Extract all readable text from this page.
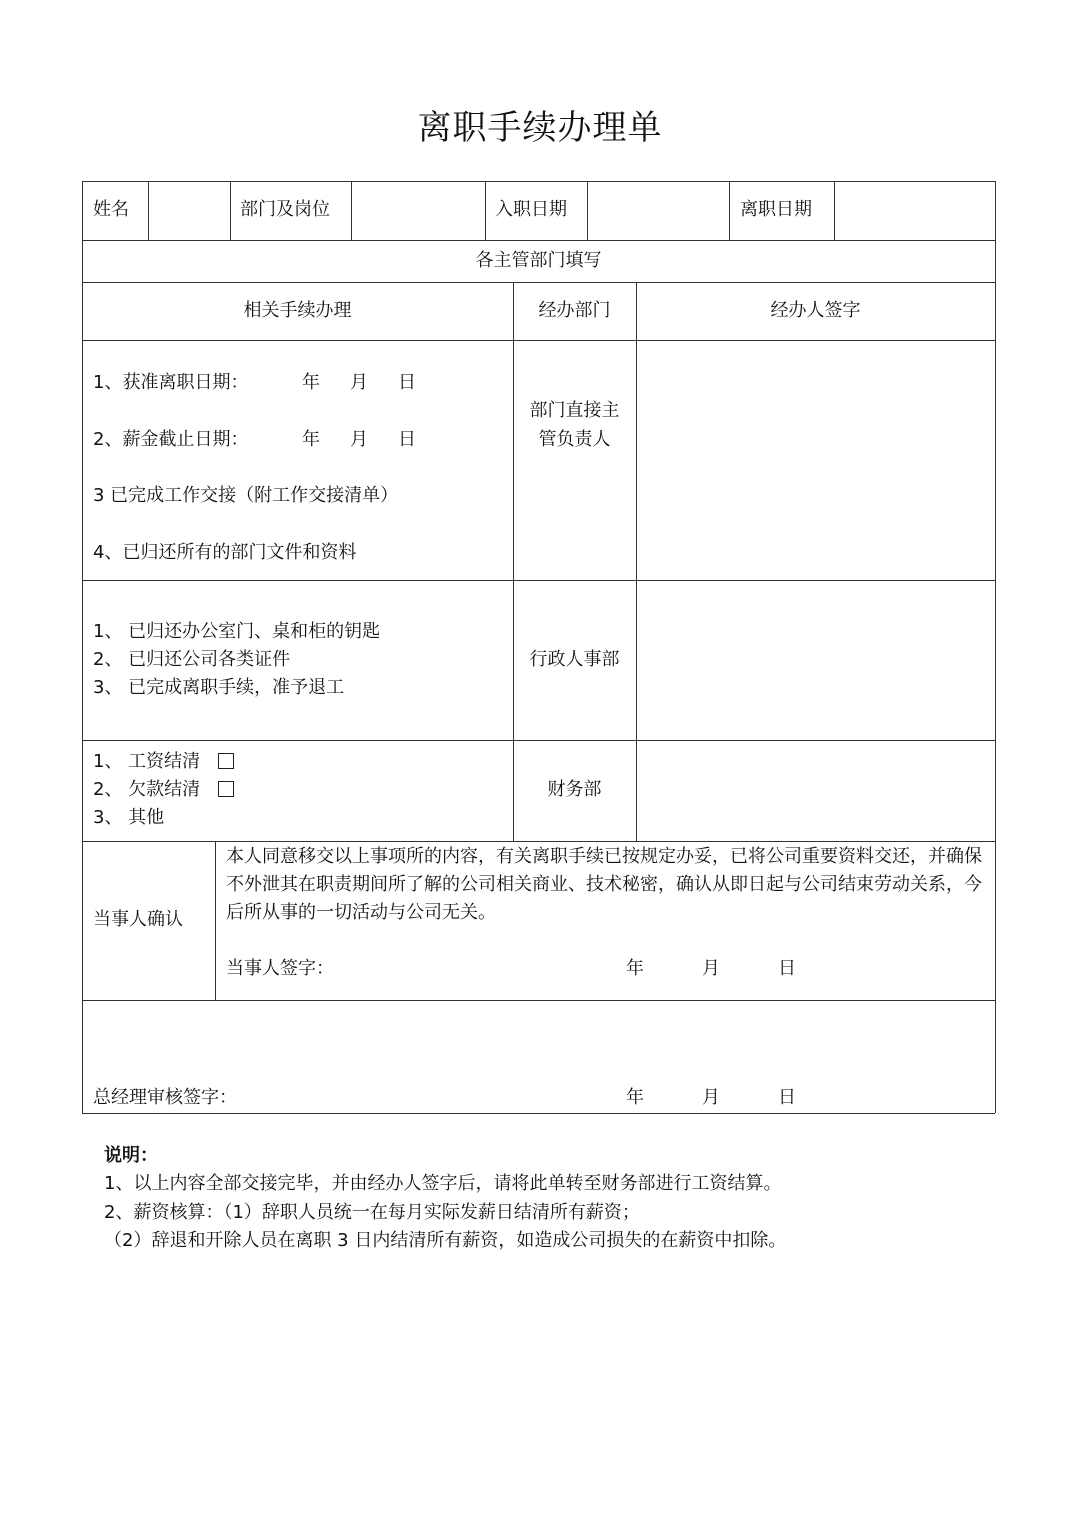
离职手续办理单
姓名	部门及岗位	入职日期	离职日期
各主管部门填写
相关手续办理	经办部门	经办人签字
1、获准离职日期：	年 月 日
2、薪金截止日期：	年 月 日
3 已完成工作交接（附工作交接清单）
4、已归还所有的部门文件和资料
部门直接主
管负责人
1、 已归还办公室门、桌和柜的钥匙
2、 已归还公司各类证件
3、 已完成离职手续，准予退工
行政人事部
1、 工资结清
2、 欠款结清
3、 其他
财务部
当事人确认
本人同意移交以上事项所的内容，有关离职手续已按规定办妥，已将公司重要资料交还，并确保不外泄其在职责期间所了解的公司相关商业、技术秘密，确认从即日起与公司结束劳动关系，今后所从事的一切活动与公司无关。
当事人签字：	年	月	日
总经理审核签字：	年	月	日
说明：
1、以上内容全部交接完毕，并由经办人签字后，请将此单转至财务部进行工资结算。
2、薪资核算：（1）辞职人员统一在每月实际发薪日结清所有薪资；
（2）辞退和开除人员在离职 3 日内结清所有薪资，如造成公司损失的在薪资中扣除。
